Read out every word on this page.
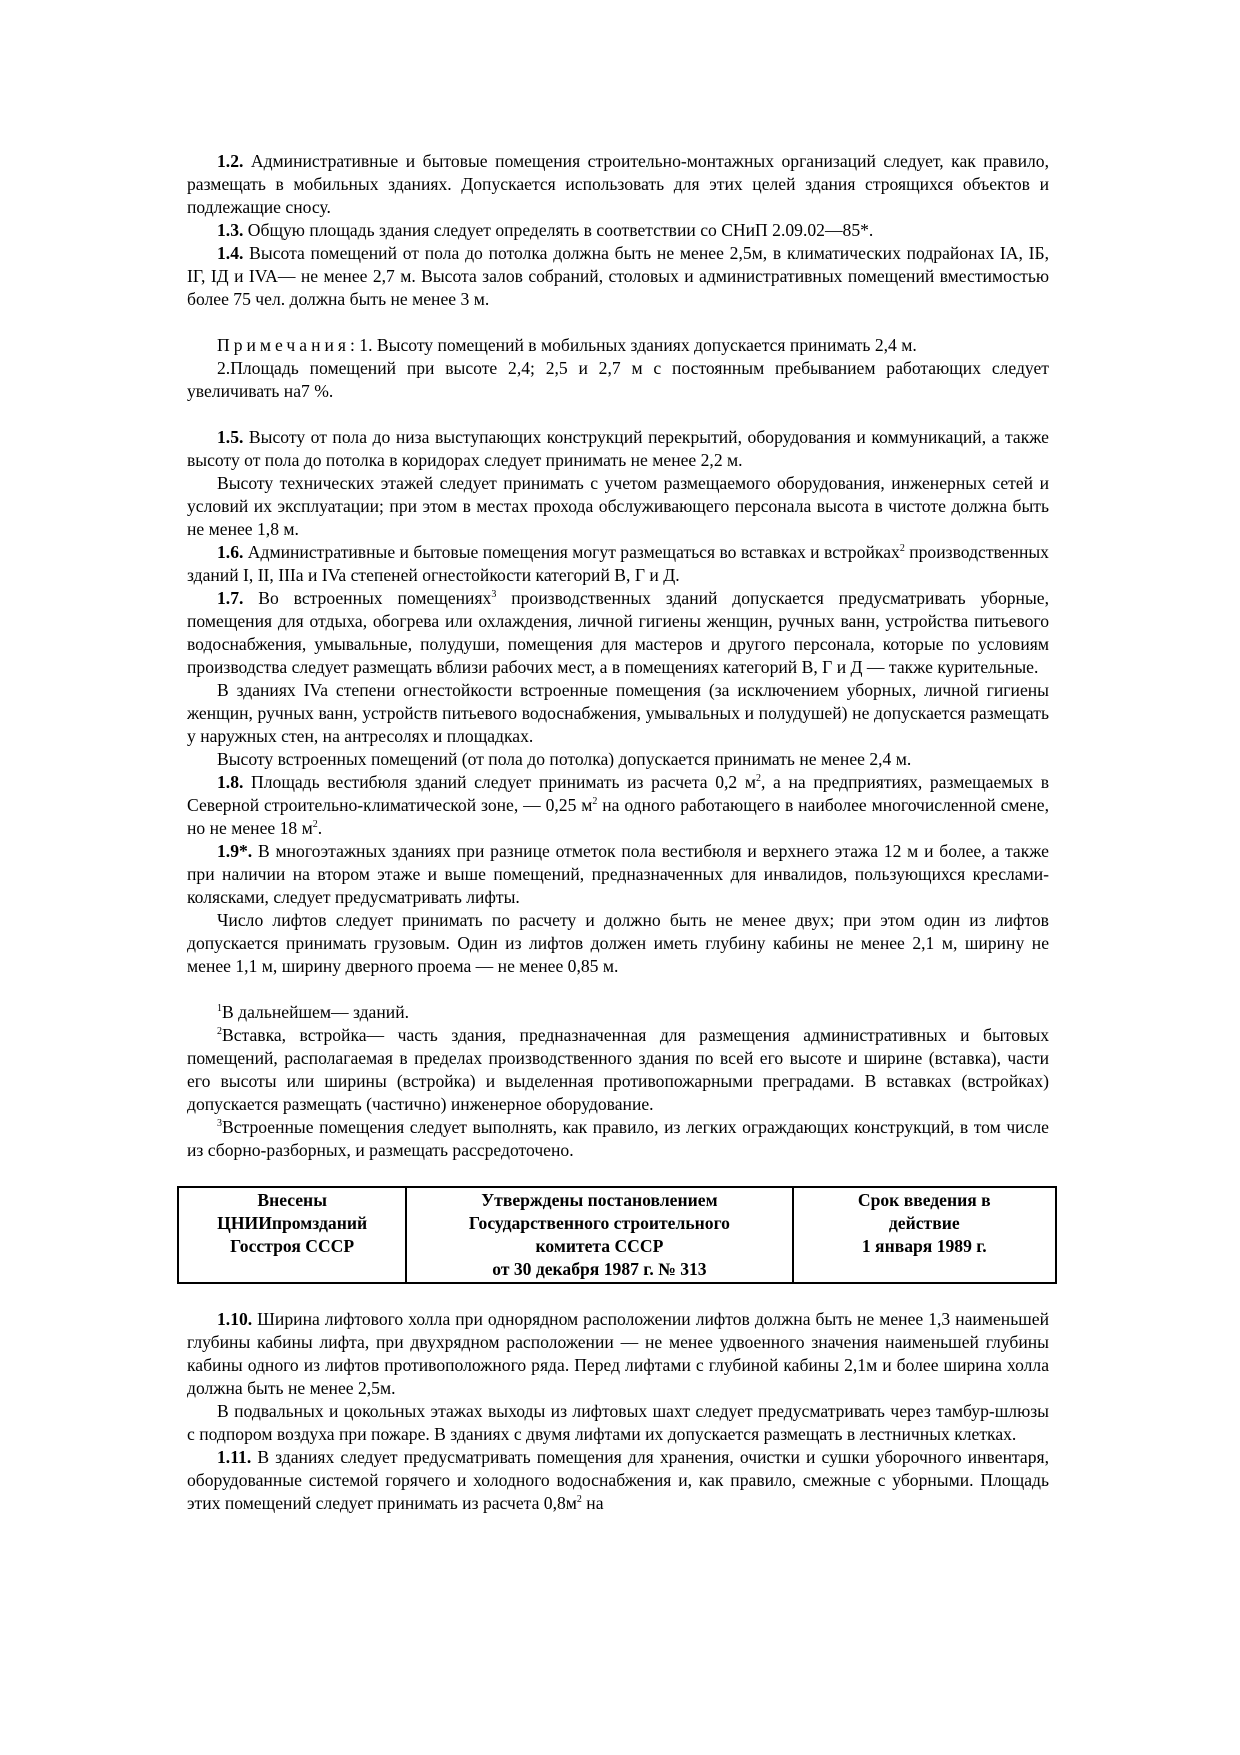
1.2. Административные и бытовые помещения строительно-монтажных организаций следует, как правило, размещать в мобильных зданиях. Допускается использовать для этих целей здания строящихся объектов и подлежащие сносу.

1.3. Общую площадь здания следует определять в соответствии со СНиП 2.09.02—85*.

1.4. Высота помещений от пола до потолка должна быть не менее 2,5м, в климатических подрайонах IA, IБ, IГ, IД и IVA— не менее 2,7 м. Высота залов собраний, столовых и административных помещений вместимостью более 75 чел. должна быть не менее 3 м.

Примечания: 1. Высоту помещений в мобильных зданиях допускается принимать 2,4 м.

2.Площадь помещений при высоте 2,4; 2,5 и 2,7 м с постоянным пребыванием работающих следует увеличивать на7 %.

1.5. Высоту от пола до низа выступающих конструкций перекрытий, оборудования и коммуникаций, а также высоту от пола до потолка в коридорах следует принимать не менее 2,2 м.

Высоту технических этажей следует принимать с учетом размещаемого оборудования, инженерных сетей и условий их эксплуатации; при этом в местах прохода обслуживающего персонала высота в чистоте должна быть не менее 1,8 м.

1.6. Административные и бытовые помещения могут размещаться во вставках и встройках$^2$ производственных зданий I, II, IIIa и IVa степеней огнестойкости категорий В, Г и Д.

1.7. Во встроенных помещениях$^3$ производственных зданий допускается предусматривать уборные, помещения для отдыха, обогрева или охлаждения, личной гигиены женщин, ручных ванн, устройства питьевого водоснабжения, умывальные, полудуши, помещения для мастеров и другого персонала, которые по условиям производства следует размещать вблизи рабочих мест, а в помещениях категорий В, Г и Д — также курительные.

В зданиях IVa степени огнестойкости встроенные помещения (за исключением уборных, личной гигиены женщин, ручных ванн, устройств питьевого водоснабжения, умывальных и полудушей) не допускается размещать у наружных стен, на антресолях и площадках.

Высоту встроенных помещений (от пола до потолка) допускается принимать не менее 2,4 м.

1.8. Площадь вестибюля зданий следует принимать из расчета 0,2 $м^2$, а на предприятиях, размещаемых в Северной строительно-климатической зоне, — 0,25 $м^2$ на одного работающего в наиболее многочисленной смене, но не менее 18 $м^2$.

1.9*. В многоэтажных зданиях при разнице отметок пола вестибюля и верхнего этажа 12 м и более, а также при наличии на втором этаже и выше помещений, предназначенных для инвалидов, пользующихся креслами-колясками, следует предусматривать лифты.

Число лифтов следует принимать по расчету и должно быть не менее двух; при этом один из лифтов допускается принимать грузовым. Один из лифтов должен иметь глубину кабины не менее 2,1 м, ширину не менее 1,1 м, ширину дверного проема — не менее 0,85 м.

$^1$В дальнейшем— зданий.

$^2$Вставка, встройка— часть здания, предназначенная для размещения административных и бытовых помещений, располагаемая в пределах производственного здания по всей его высоте и ширине (вставка), части его высоты или ширины (встройка) и выделенная противопожарными преградами. В вставках (встройках) допускается размещать (частично) инженерное оборудование.

$^3$Встроенные помещения следует выполнять, как правило, из легких ограждающих конструкций, в том числе из сборно-разборных, и размещать рассредоточено.

Внесены
ЦНИИпромзданий
Госстроя СССР

Утверждены постановлением
Государственного строительного
комитета СССР
от 30 декабря 1987 г. № 313

Срок введения в
действие
1 января 1989 г.

1.10. Ширина лифтового холла при однорядном расположении лифтов должна быть не менее 1,3 наименьшей глубины кабины лифта, при двухрядном расположении — не менее удвоенного значения наименьшей глубины кабины одного из лифтов противоположного ряда. Перед лифтами с глубиной кабины 2,1м и более ширина холла должна быть не менее 2,5м.

В подвальных и цокольных этажах выходы из лифтовых шахт следует предусматривать через тамбур-шлюзы с подпором воздуха при пожаре. В зданиях с двумя лифтами их допускается размещать в лестничных клетках.

1.11. В зданиях следует предусматривать помещения для хранения, очистки и сушки уборочного инвентаря, оборудованные системой горячего и холодного водоснабжения и, как правило, смежные с уборными. Площадь этих помещений следует принимать из расчета $0,8м^2$ на
